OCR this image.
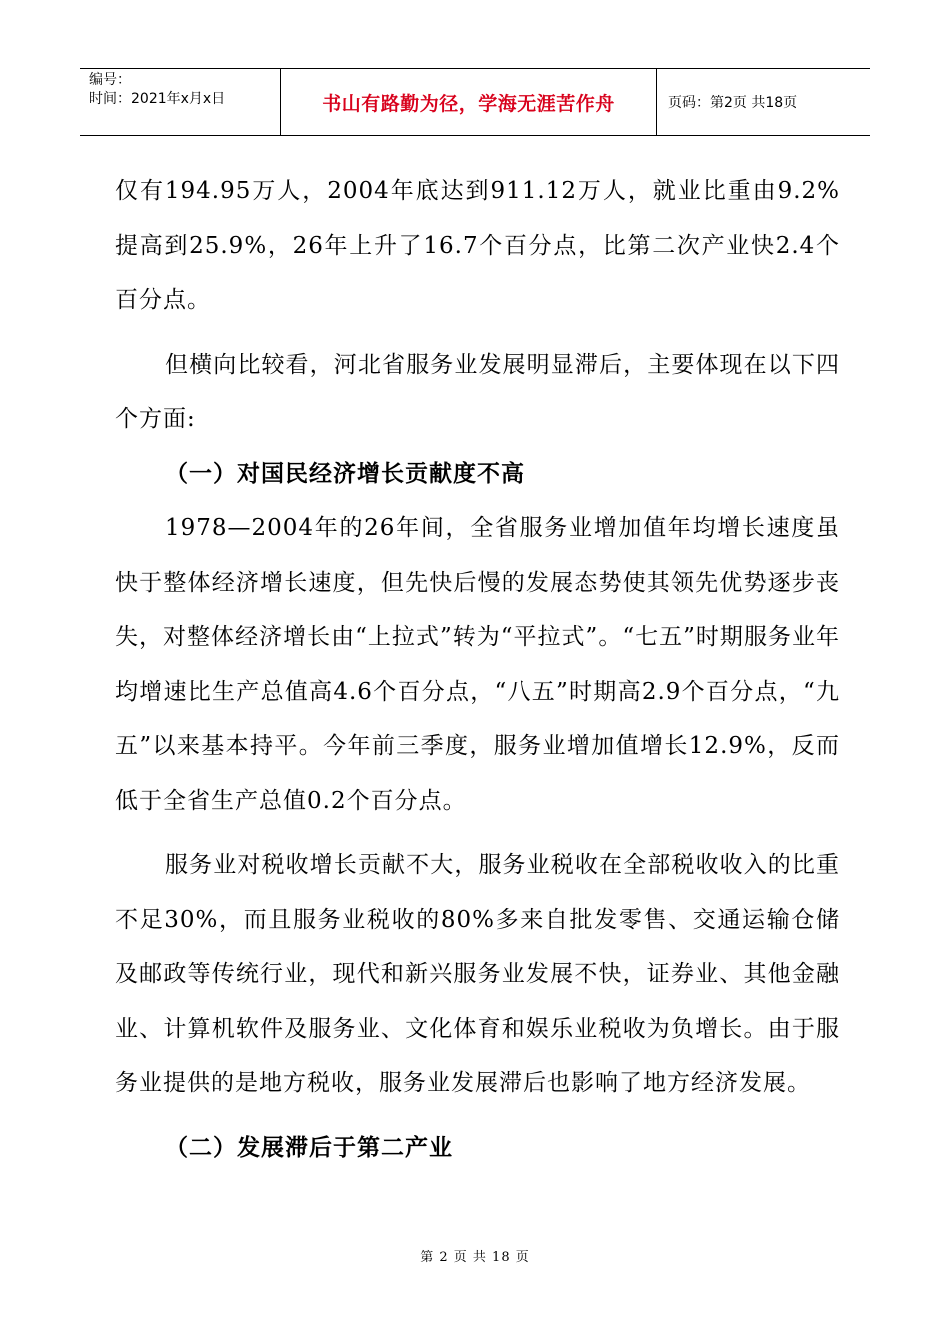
编号：
时间：2021年x月x日	书山有路勤为径，学海无涯苦作舟	页码：第2页 共18页

仅有194.95万人，2004年底达到911.12万人，就业比重由9.2%提高到25.9%，26年上升了16.7个百分点，比第二次产业快2.4个百分点。

但横向比较看，河北省服务业发展明显滞后，主要体现在以下四个方面:

（一）对国民经济增长贡献度不高

1978—2004年的26年间，全省服务业增加值年均增长速度虽快于整体经济增长速度，但先快后慢的发展态势使其领先优势逐步丧失，对整体经济增长由“上拉式”转为“平拉式”。“七五”时期服务业年均增速比生产总值高4.6个百分点，“八五”时期高2.9个百分点，“九五”以来基本持平。今年前三季度，服务业增加值增长12.9%，反而低于全省生产总值0.2个百分点。

服务业对税收增长贡献不大，服务业税收在全部税收收入的比重不足30%，而且服务业税收的80%多来自批发零售、交通运输仓储及邮政等传统行业，现代和新兴服务业发展不快，证券业、其他金融业、计算机软件及服务业、文化体育和娱乐业税收为负增长。由于服务业提供的是地方税收，服务业发展滞后也影响了地方经济发展。

（二）发展滞后于第二产业

第 2 页 共 18 页
